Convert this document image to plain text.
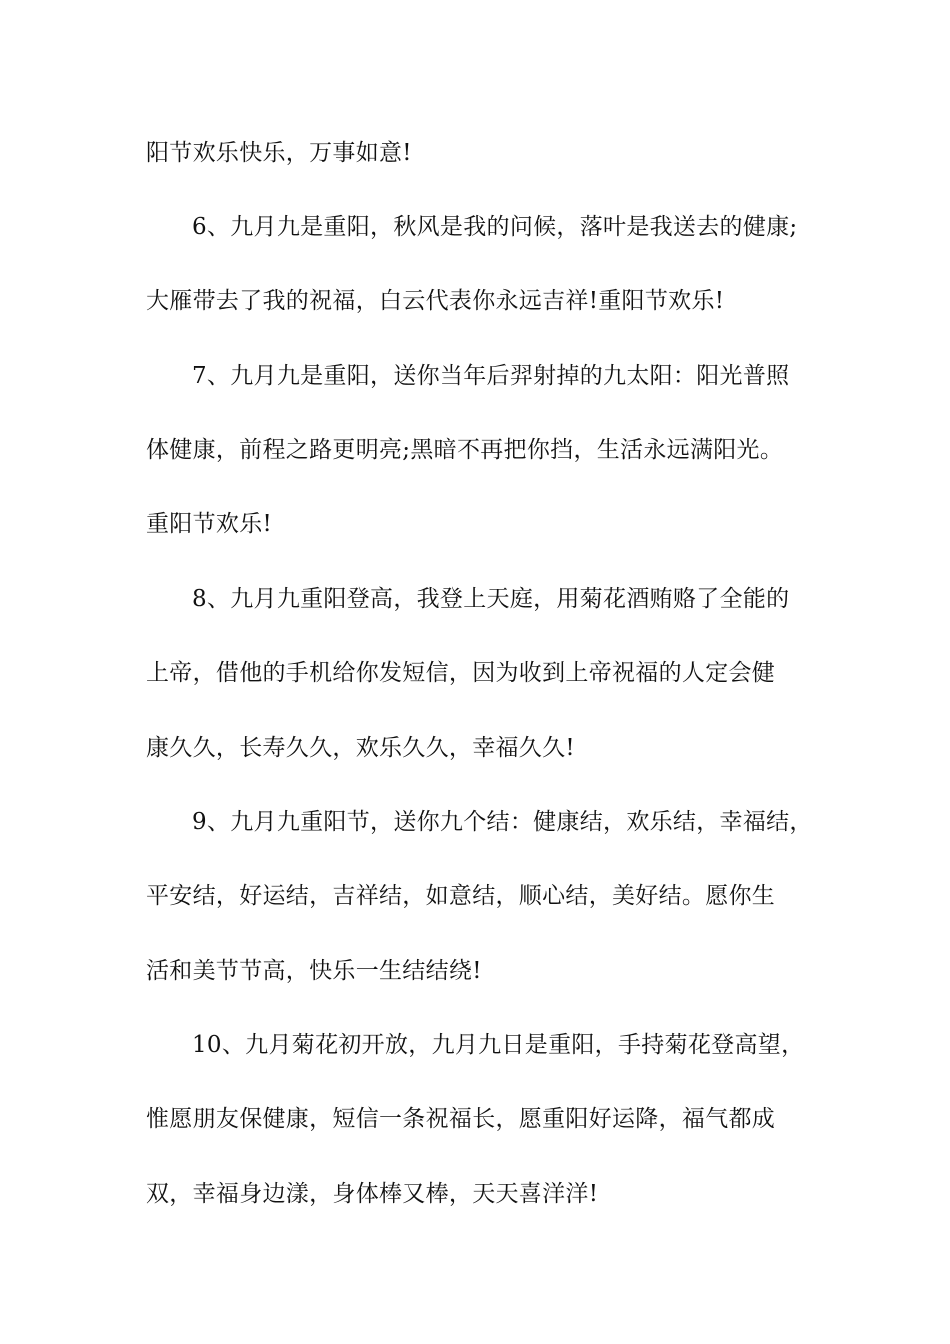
阳节欢乐快乐，万事如意!
6、九月九是重阳，秋风是我的问候，落叶是我送去的健康;
大雁带去了我的祝福，白云代表你永远吉祥!重阳节欢乐!
7、九月九是重阳，送你当年后羿射掉的九太阳：阳光普照
体健康，前程之路更明亮;黑暗不再把你挡，生活永远满阳光。
重阳节欢乐!
8、九月九重阳登高，我登上天庭，用菊花酒贿赂了全能的
上帝，借他的手机给你发短信，因为收到上帝祝福的人定会健
康久久，长寿久久，欢乐久久，幸福久久!
9、九月九重阳节，送你九个结：健康结，欢乐结，幸福结，
平安结，好运结，吉祥结，如意结，顺心结，美好结。愿你生
活和美节节高，快乐一生结结绕!
10、九月菊花初开放，九月九日是重阳，手持菊花登高望，
惟愿朋友保健康，短信一条祝福长，愿重阳好运降，福气都成
双，幸福身边漾，身体棒又棒，天天喜洋洋!
